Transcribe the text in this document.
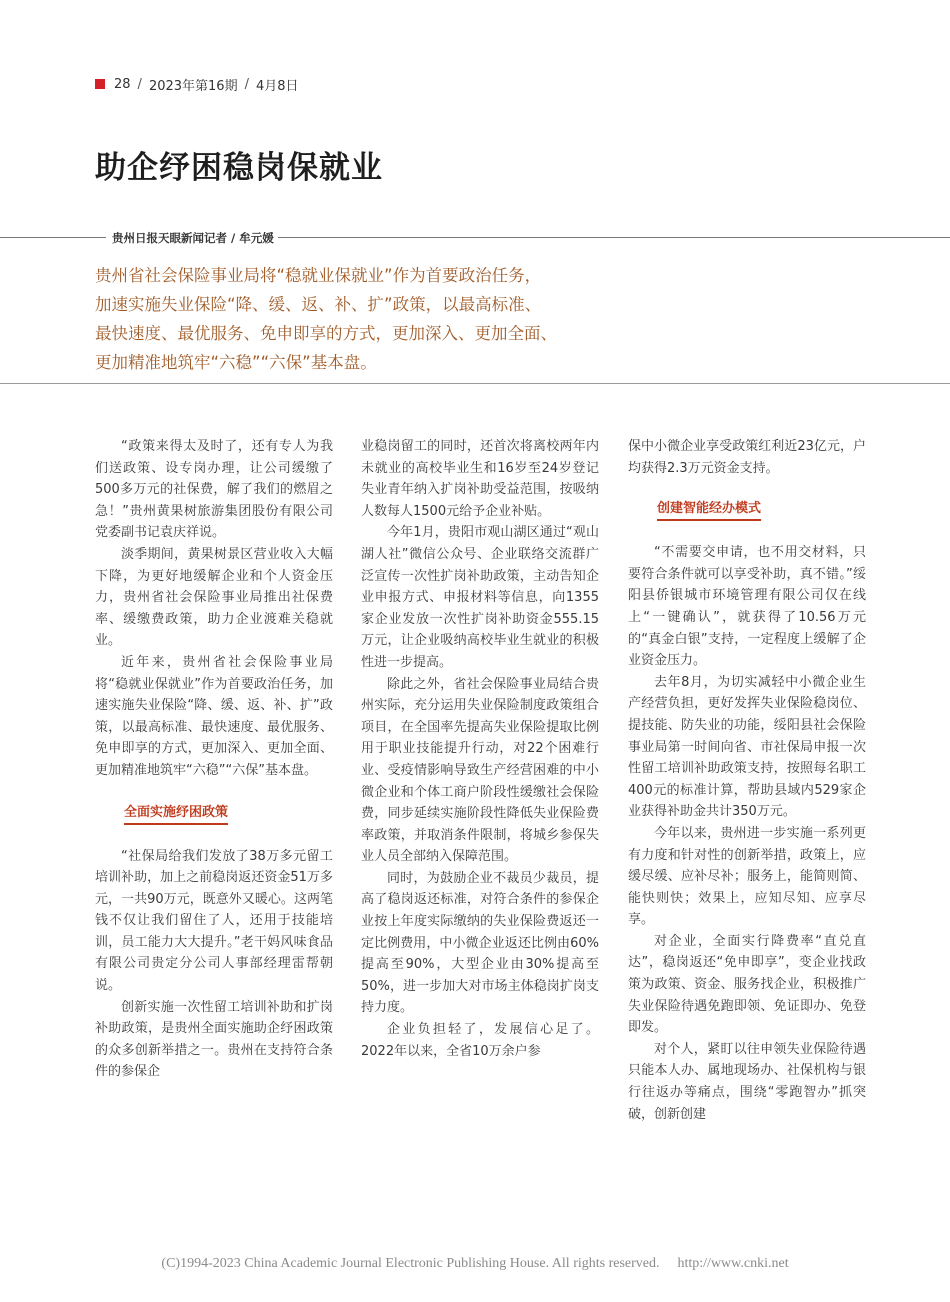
28 / 2023年第16期 / 4月8日
助企纾困稳岗保就业
贵州日报天眼新闻记者 / 牟元媛

贵州省社会保险事业局将“稳就业保就业”作为首要政治任务，
加速实施失业保险“降、缓、返、补、扩”政策，以最高标准、
最快速度、最优服务、免申即享的方式，更加深入、更加全面、
更加精准地筑牢“六稳”“六保”基本盘。

“政策来得太及时了，还有专人为我们送政策、设专岗办理，让公司缓缴了500多万元的社保费，解了我们的燃眉之急！”贵州黄果树旅游集团股份有限公司党委副书记袁庆祥说。

淡季期间，黄果树景区营业收入大幅下降，为更好地缓解企业和个人资金压力，贵州省社会保险事业局推出社保费率、缓缴费政策，助力企业渡难关稳就业。

近年来，贵州省社会保险事业局将“稳就业保就业”作为首要政治任务，加速实施失业保险“降、缓、返、补、扩”政策，以最高标准、最快速度、最优服务、免申即享的方式，更加深入、更加全面、更加精准地筑牢“六稳”“六保”基本盘。

全面实施纾困政策

“社保局给我们发放了38万多元留工培训补助，加上之前稳岗返还资金51万多元，一共90万元，既意外又暖心。这两笔钱不仅让我们留住了人，还用于技能培训，员工能力大大提升。”老干妈风味食品有限公司贵定分公司人事部经理雷帮朝说。

创新实施一次性留工培训补助和扩岗补助政策，是贵州全面实施助企纾困政策的众多创新举措之一。贵州在支持符合条件的参保企

业稳岗留工的同时，还首次将离校两年内未就业的高校毕业生和16岁至24岁登记失业青年纳入扩岗补助受益范围，按吸纳人数每人1500元给予企业补贴。

今年1月，贵阳市观山湖区通过“观山湖人社”微信公众号、企业联络交流群广泛宣传一次性扩岗补助政策，主动告知企业申报方式、申报材料等信息，向1355家企业发放一次性扩岗补助资金555.15万元，让企业吸纳高校毕业生就业的积极性进一步提高。

除此之外，省社会保险事业局结合贵州实际，充分运用失业保险制度政策组合项目，在全国率先提高失业保险提取比例用于职业技能提升行动，对22个困难行业、受疫情影响导致生产经营困难的中小微企业和个体工商户阶段性缓缴社会保险费，同步延续实施阶段性降低失业保险费率政策，并取消条件限制，将城乡参保失业人员全部纳入保障范围。

同时，为鼓励企业不裁员少裁员，提高了稳岗返还标准，对符合条件的参保企业按上年度实际缴纳的失业保险费返还一定比例费用，中小微企业返还比例由60%提高至90%，大型企业由30%提高至50%，进一步加大对市场主体稳岗扩岗支持力度。

企业负担轻了，发展信心足了。2022年以来，全省10万余户参

保中小微企业享受政策红利近23亿元，户均获得2.3万元资金支持。

创建智能经办模式

“不需要交申请，也不用交材料，只要符合条件就可以享受补助，真不错。”绥阳县侨银城市环境管理有限公司仅在线上“一键确认”，就获得了10.56万元的“真金白银”支持，一定程度上缓解了企业资金压力。

去年8月，为切实减轻中小微企业生产经营负担，更好发挥失业保险稳岗位、提技能、防失业的功能，绥阳县社会保险事业局第一时间向省、市社保局申报一次性留工培训补助政策支持，按照每名职工400元的标准计算，帮助县域内529家企业获得补助金共计350万元。

今年以来，贵州进一步实施一系列更有力度和针对性的创新举措，政策上，应缓尽缓、应补尽补；服务上，能简则简、能快则快；效果上，应知尽知、应享尽享。

对企业，全面实行降费率“直兑直达”，稳岗返还“免申即享”，变企业找政策为政策、资金、服务找企业，积极推广失业保险待遇免跑即领、免证即办、免登即发。

对个人，紧盯以往申领失业保险待遇只能本人办、属地现场办、社保机构与银行往返办等痛点，围绕“零跑智办”抓突破，创新创建

(C)1994-2023 China Academic Journal Electronic Publishing House. All rights reserved. http://www.cnki.net
